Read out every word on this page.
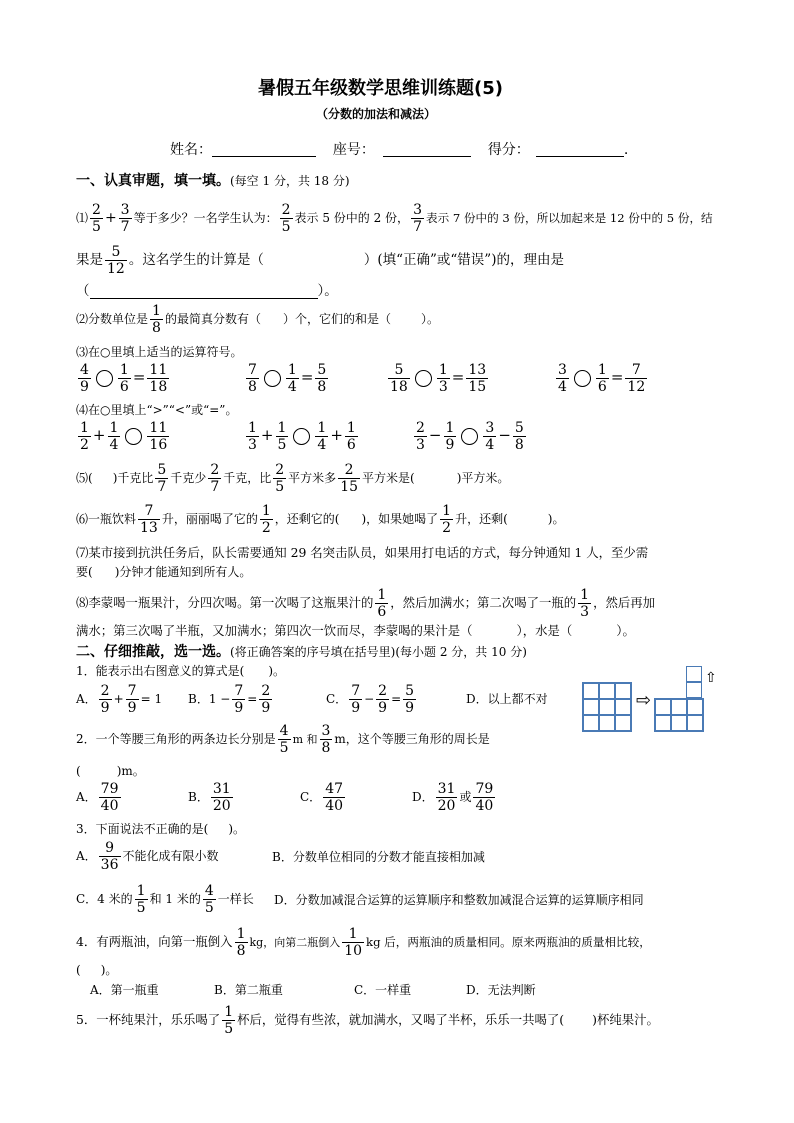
暑假五年级数学思维训练题(5)
（分数的加法和减法）
姓名：	座号：	得分：	.
一、认真审题，填一填。(每空 1 分，共 18 分)
⑴ $\frac{2}{5} + \frac{3}{7}$ 等于多少？一名学生认为： $\frac{2}{5}$ 表示 5 份中的 2 份， $\frac{3}{7}$ 表示 7 份中的 3 份，所以加起来是 12 份中的 5 份，结
果是 $\frac{5}{12}$ 。这名学生的计算是（	）(填“正确”或“错误”)的，理由是
（	）。
⑵分数单位是 $\frac{1}{8}$ 的最简真分数有（ ）个，它们的和是（	）。
⑶在○里填上适当的运算符号。
$\frac{4}{9} \frac{1}{6} = \frac{11}{18}$	$\frac{7}{8} \frac{1}{4} = \frac{5}{8}$	$\frac{5}{18} \frac{1}{3} = \frac{13}{15}$	$\frac{3}{4} \frac{1}{6} = \frac{7}{12}$
⑷在○里填上“>”“<”或“=”。
$\frac{1}{2} + \frac{1}{4} \frac{11}{16}$	$\frac{1}{3} + \frac{1}{5} \frac{1}{4} + \frac{1}{6}$	$\frac{2}{3} - \frac{1}{9} \frac{3}{4} - \frac{5}{8}$
⑸( )千克比 $\frac{5}{7}$ 千克少 $\frac{2}{7}$ 千克，比 $\frac{2}{5}$ 平方米多 $\frac{2}{15}$ 平方米是(	)平方米。
⑹一瓶饮料 $\frac{7}{13}$ 升，丽丽喝了它的 $\frac{1}{2}$ ，还剩它的( )，如果她喝了 $\frac{1}{2}$ 升，还剩(	)。
⑺某市接到抗洪任务后，队长需要通知 29 名突击队员，如果用打电话的方式，每分钟通知 1 人，至少需
要( )分钟才能通知到所有人。
⑻李蒙喝一瓶果汁，分四次喝。第一次喝了这瓶果汁的 $\frac{1}{6}$ ，然后加满水；第二次喝了一瓶的 $\frac{1}{3}$ ，然后再加
满水；第三次喝了半瓶，又加满水；第四次一饮而尽，李蒙喝的果汁是（	），水是（	）。
二、仔细推敲，选一选。(将正确答案的序号填在括号里)(每小题 2 分，共 10 分)
1．能表示出右图意义的算式是( )。
A． $\frac{2}{9} + \frac{7}{9} = 1$ B．$1 - \frac{7}{9} = \frac{2}{9}$	C． $\frac{7}{9} - \frac{2}{9} = \frac{5}{9}$	D．以上都不对	⇨
⇧
2．一个等腰三角形的两条边长分别是 $\frac{4}{5}$ m 和 $\frac{3}{8}$ m，这个等腰三角形的周长是
(	)m。
A． $\frac{79}{40}$	B． $\frac{31}{20}$	C． $\frac{47}{40}$	D． $\frac{31}{20}$ 或 $\frac{79}{40}$
3．下面说法不正确的是( )。
A． $\frac{9}{36}$ 不能化成有限小数	B．分数单位相同的分数才能直接相加减
C．4 米的 $\frac{1}{5}$ 和 1 米的 $\frac{4}{5}$ 一样长 D．分数加减混合运算的运算顺序和整数加减混合运算的运算顺序相同
4．有两瓶油，向第一瓶倒入 $\frac{1}{8}$ kg，向第二瓶倒入 $\frac{1}{10}$ kg 后，两瓶油的质量相同。原来两瓶油的质量相比较，
( )。
A．第一瓶重	B．第二瓶重	C．一样重	D．无法判断
5．一杯纯果汁，乐乐喝了 $\frac{1}{5}$ 杯后，觉得有些浓，就加满水，又喝了半杯，乐乐一共喝了( )杯纯果汁。
